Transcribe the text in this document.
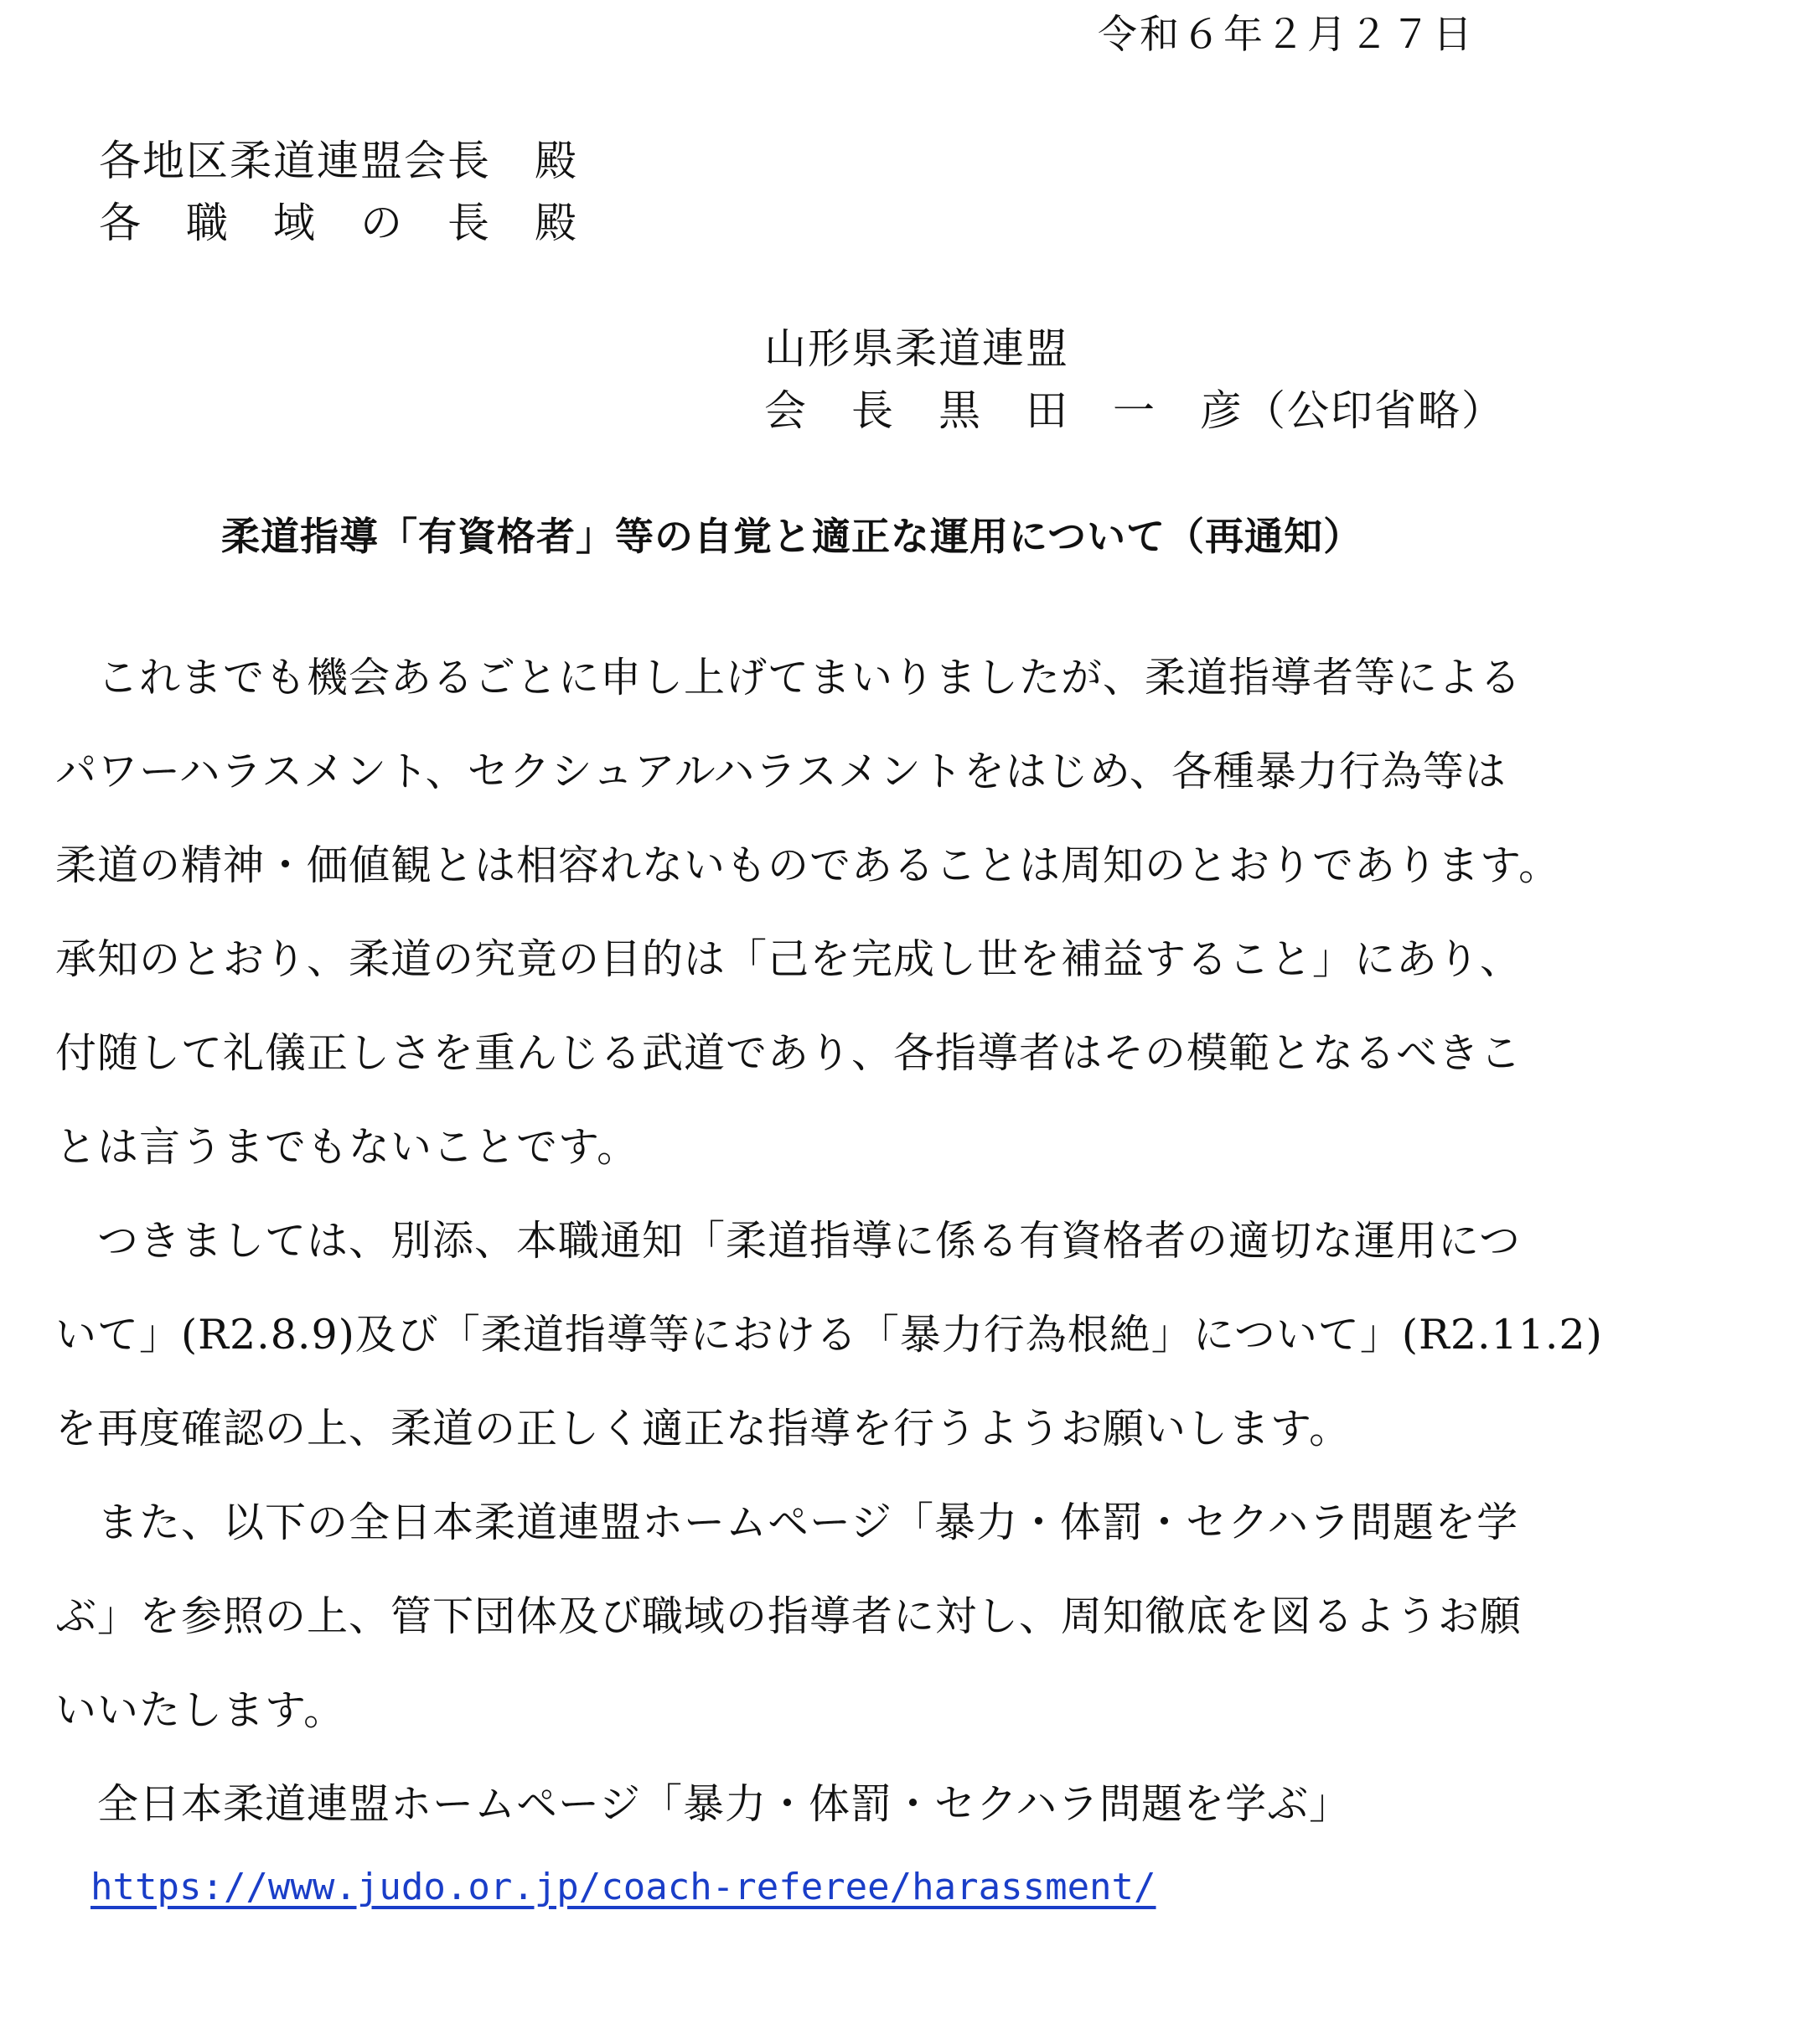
令和６年２月２７日
各地区柔道連盟会長　殿
各　職　域　の　長　殿
山形県柔道連盟
会　長　黒　田　一　彦（公印省略）
柔道指導「有資格者」等の自覚と適正な運用について（再通知）
　これまでも機会あるごとに申し上げてまいりましたが、柔道指導者等による
パワーハラスメント、セクシュアルハラスメントをはじめ、各種暴力行為等は
柔道の精神・価値観とは相容れないものであることは周知のとおりであります。
承知のとおり、柔道の究竟の目的は「己を完成し世を補益すること」にあり、
付随して礼儀正しさを重んじる武道であり、各指導者はその模範となるべきこ
とは言うまでもないことです。
　つきましては、別添、本職通知「柔道指導に係る有資格者の適切な運用につ
いて」(R2.8.9)及び「柔道指導等における「暴力行為根絶」について」(R2.11.2)
を再度確認の上、柔道の正しく適正な指導を行うようお願いします。
　また、以下の全日本柔道連盟ホームページ「暴力・体罰・セクハラ問題を学
ぶ」を参照の上、管下団体及び職域の指導者に対し、周知徹底を図るようお願
いいたします。
　全日本柔道連盟ホームページ「暴力・体罰・セクハラ問題を学ぶ」
https://www.judo.or.jp/coach-referee/harassment/
